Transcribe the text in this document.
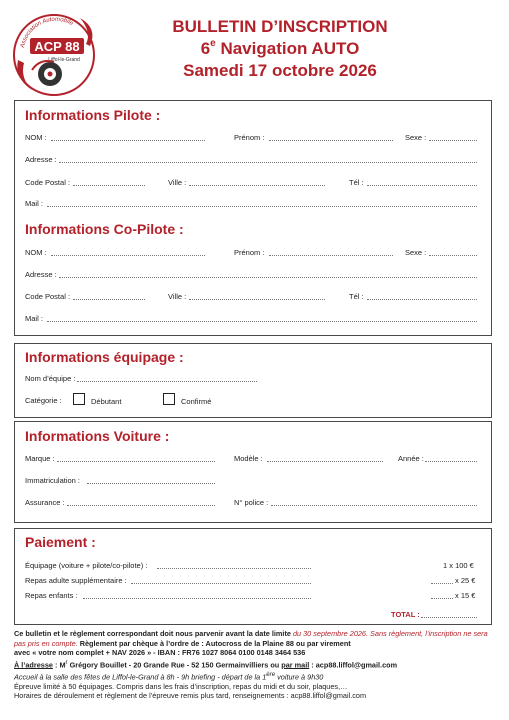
Association Automobile
ACP 88
Liffol-le-Grand
BULLETIN D’INSCRIPTION
6e Navigation AUTO
Samedi 17 octobre 2026
Informations Pilote :
NOM :	Prénom :	Sexe :
Adresse :
Code Postal :	Ville :	Tél :
Mail :
Informations Co-Pilote :
NOM :	Prénom :	Sexe :
Adresse :
Code Postal :	Ville :	Tél :
Mail :
Informations équipage :
Nom d’équipe :
Catégorie :	Débutant	Confirmé
Informations Voiture :
Marque :	Modèle :	Année :
Immatriculation :
Assurance :	N° police :
Paiement :
Équipage (voiture + pilote/co-pilote) :	1 x 100 €
Repas adulte supplémentaire :	x 25 €
Repas enfants :	x 15 €
TOTAL :
Ce bulletin et le règlement correspondant doit nous parvenir avant la date limite du 30 septembre 2026. Sans règlement, l’inscription ne sera pas pris en compte. Règlement par chèque à l’ordre de : Autocross de la Plaine 88 ou par virement
avec « votre nom complet + NAV 2026 » - IBAN : FR76 1027 8064 0100 0148 3464 536
À l’adresse : $M^r$ Grégory Bouillet - 20 Grande Rue - 52 150 Germainvilliers ou par mail : acp88.liffol@gmail.com
Accueil à la salle des fêtes de Liffol-le-Grand à 8h - 9h briefing - départ de la 1ère voiture à 9h30
Épreuve limité à 50 équipages. Compris dans les frais d’inscription, repas du midi et du soir, plaques,…
Horaires de déroulement et règlement de l’épreuve remis plus tard, renseignements : acp88.liffol@gmail.com
